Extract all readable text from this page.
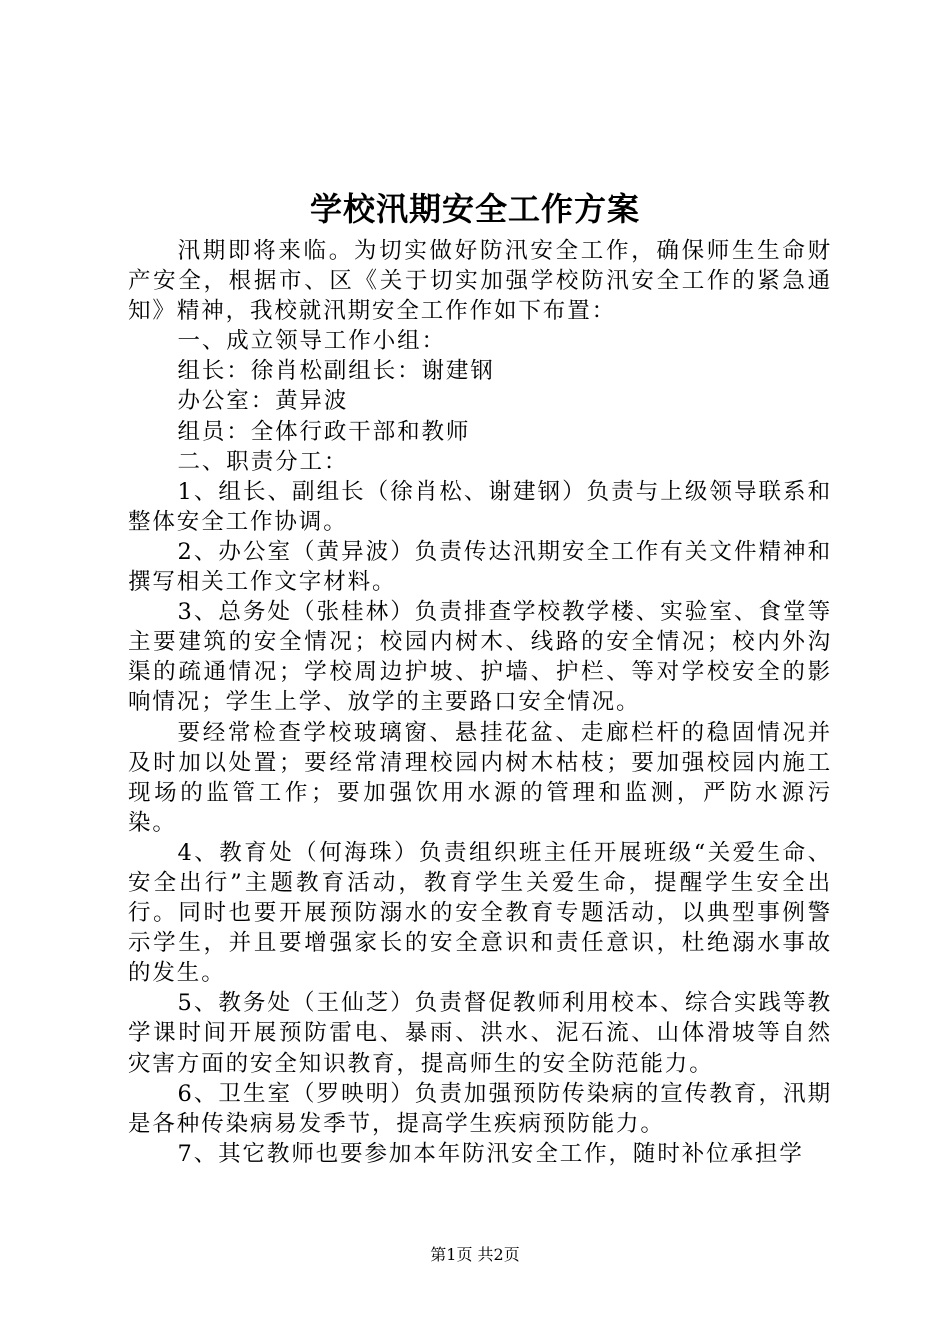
学校汛期安全工作方案

汛期即将来临。为切实做好防汛安全工作，确保师生生命财产安全，根据市、区《关于切实加强学校防汛安全工作的紧急通知》精神，我校就汛期安全工作作如下布置：

一、成立领导工作小组：

组长：徐肖松副组长：谢建钢

办公室：黄异波

组员：全体行政干部和教师

二、职责分工：

1、组长、副组长（徐肖松、谢建钢）负责与上级领导联系和整体安全工作协调。

2、办公室（黄异波）负责传达汛期安全工作有关文件精神和撰写相关工作文字材料。

3、总务处（张桂林）负责排查学校教学楼、实验室、食堂等主要建筑的安全情况；校园内树木、线路的安全情况；校内外沟渠的疏通情况；学校周边护坡、护墙、护栏、等对学校安全的影响情况；学生上学、放学的主要路口安全情况。

要经常检查学校玻璃窗、悬挂花盆、走廊栏杆的稳固情况并及时加以处置；要经常清理校园内树木枯枝；要加强校园内施工现场的监管工作；要加强饮用水源的管理和监测，严防水源污染。

4、教育处（何海珠）负责组织班主任开展班级“关爱生命、安全出行”主题教育活动，教育学生关爱生命，提醒学生安全出行。同时也要开展预防溺水的安全教育专题活动，以典型事例警示学生，并且要增强家长的安全意识和责任意识，杜绝溺水事故的发生。

5、教务处（王仙芝）负责督促教师利用校本、综合实践等教学课时间开展预防雷电、暴雨、洪水、泥石流、山体滑坡等自然灾害方面的安全知识教育，提高师生的安全防范能力。

6、卫生室（罗映明）负责加强预防传染病的宣传教育，汛期是各种传染病易发季节，提高学生疾病预防能力。

7、其它教师也要参加本年防汛安全工作，随时补位承担学

第1页 共2页
